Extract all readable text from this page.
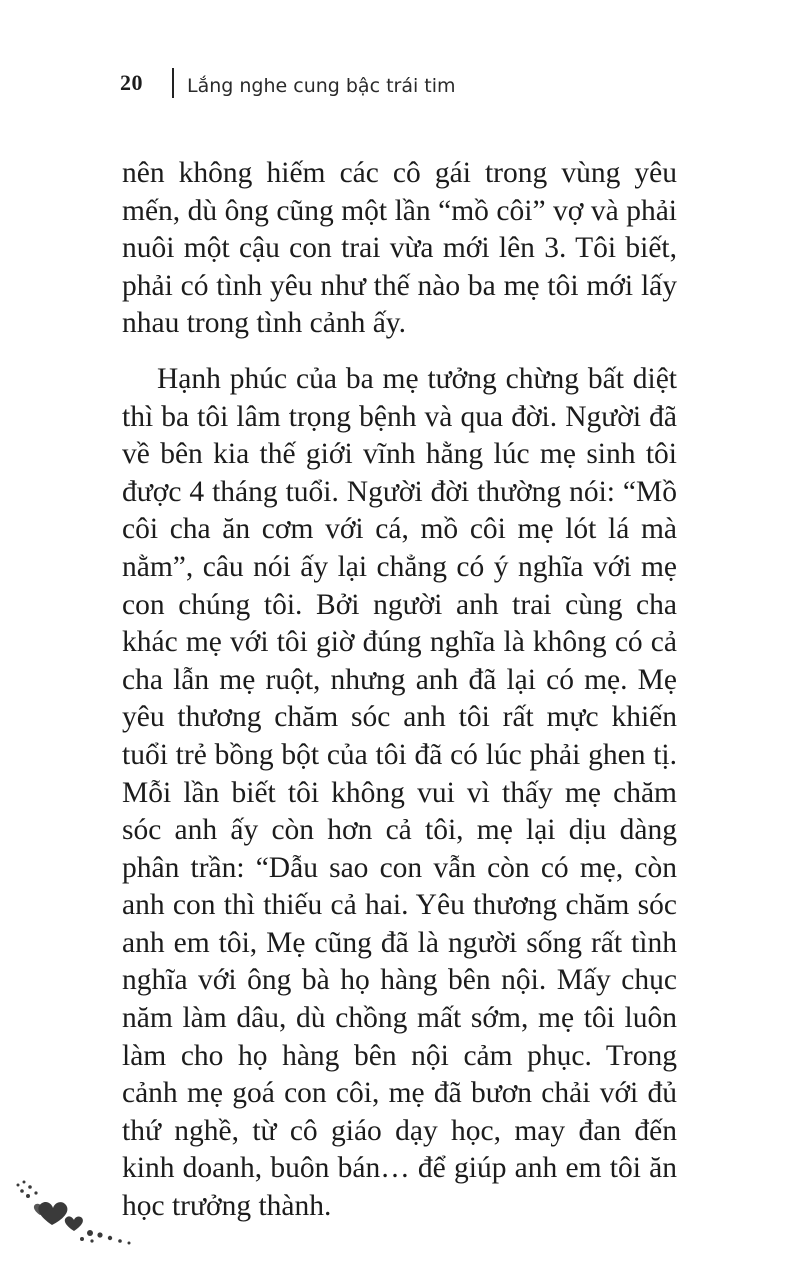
20 Lắng nghe cung bậc trái tim

nên không hiếm các cô gái trong vùng yêu mến, dù ông cũng một lần “mồ côi” vợ và phải nuôi một cậu con trai vừa mới lên 3. Tôi biết, phải có tình yêu như thế nào ba mẹ tôi mới lấy nhau trong tình cảnh ấy.

Hạnh phúc của ba mẹ tưởng chừng bất diệt thì ba tôi lâm trọng bệnh và qua đời. Người đã về bên kia thế giới vĩnh hằng lúc mẹ sinh tôi được 4 tháng tuổi. Người đời thường nói: “Mồ côi cha ăn cơm với cá, mồ côi mẹ lót lá mà nằm”, câu nói ấy lại chẳng có ý nghĩa với mẹ con chúng tôi. Bởi người anh trai cùng cha khác mẹ với tôi giờ đúng nghĩa là không có cả cha lẫn mẹ ruột, nhưng anh đã lại có mẹ. Mẹ yêu thương chăm sóc anh tôi rất mực khiến tuổi trẻ bồng bột của tôi đã có lúc phải ghen tị. Mỗi lần biết tôi không vui vì thấy mẹ chăm sóc anh ấy còn hơn cả tôi, mẹ lại dịu dàng phân trần: “Dẫu sao con vẫn còn có mẹ, còn anh con thì thiếu cả hai. Yêu thương chăm sóc anh em tôi, Mẹ cũng đã là người sống rất tình nghĩa với ông bà họ hàng bên nội. Mấy chục năm làm dâu, dù chồng mất sớm, mẹ tôi luôn làm cho họ hàng bên nội cảm phục. Trong cảnh mẹ goá con côi, mẹ đã bươn chải với đủ thứ nghề, từ cô giáo dạy học, may đan đến kinh doanh, buôn bán… để giúp anh em tôi ăn học trưởng thành.
